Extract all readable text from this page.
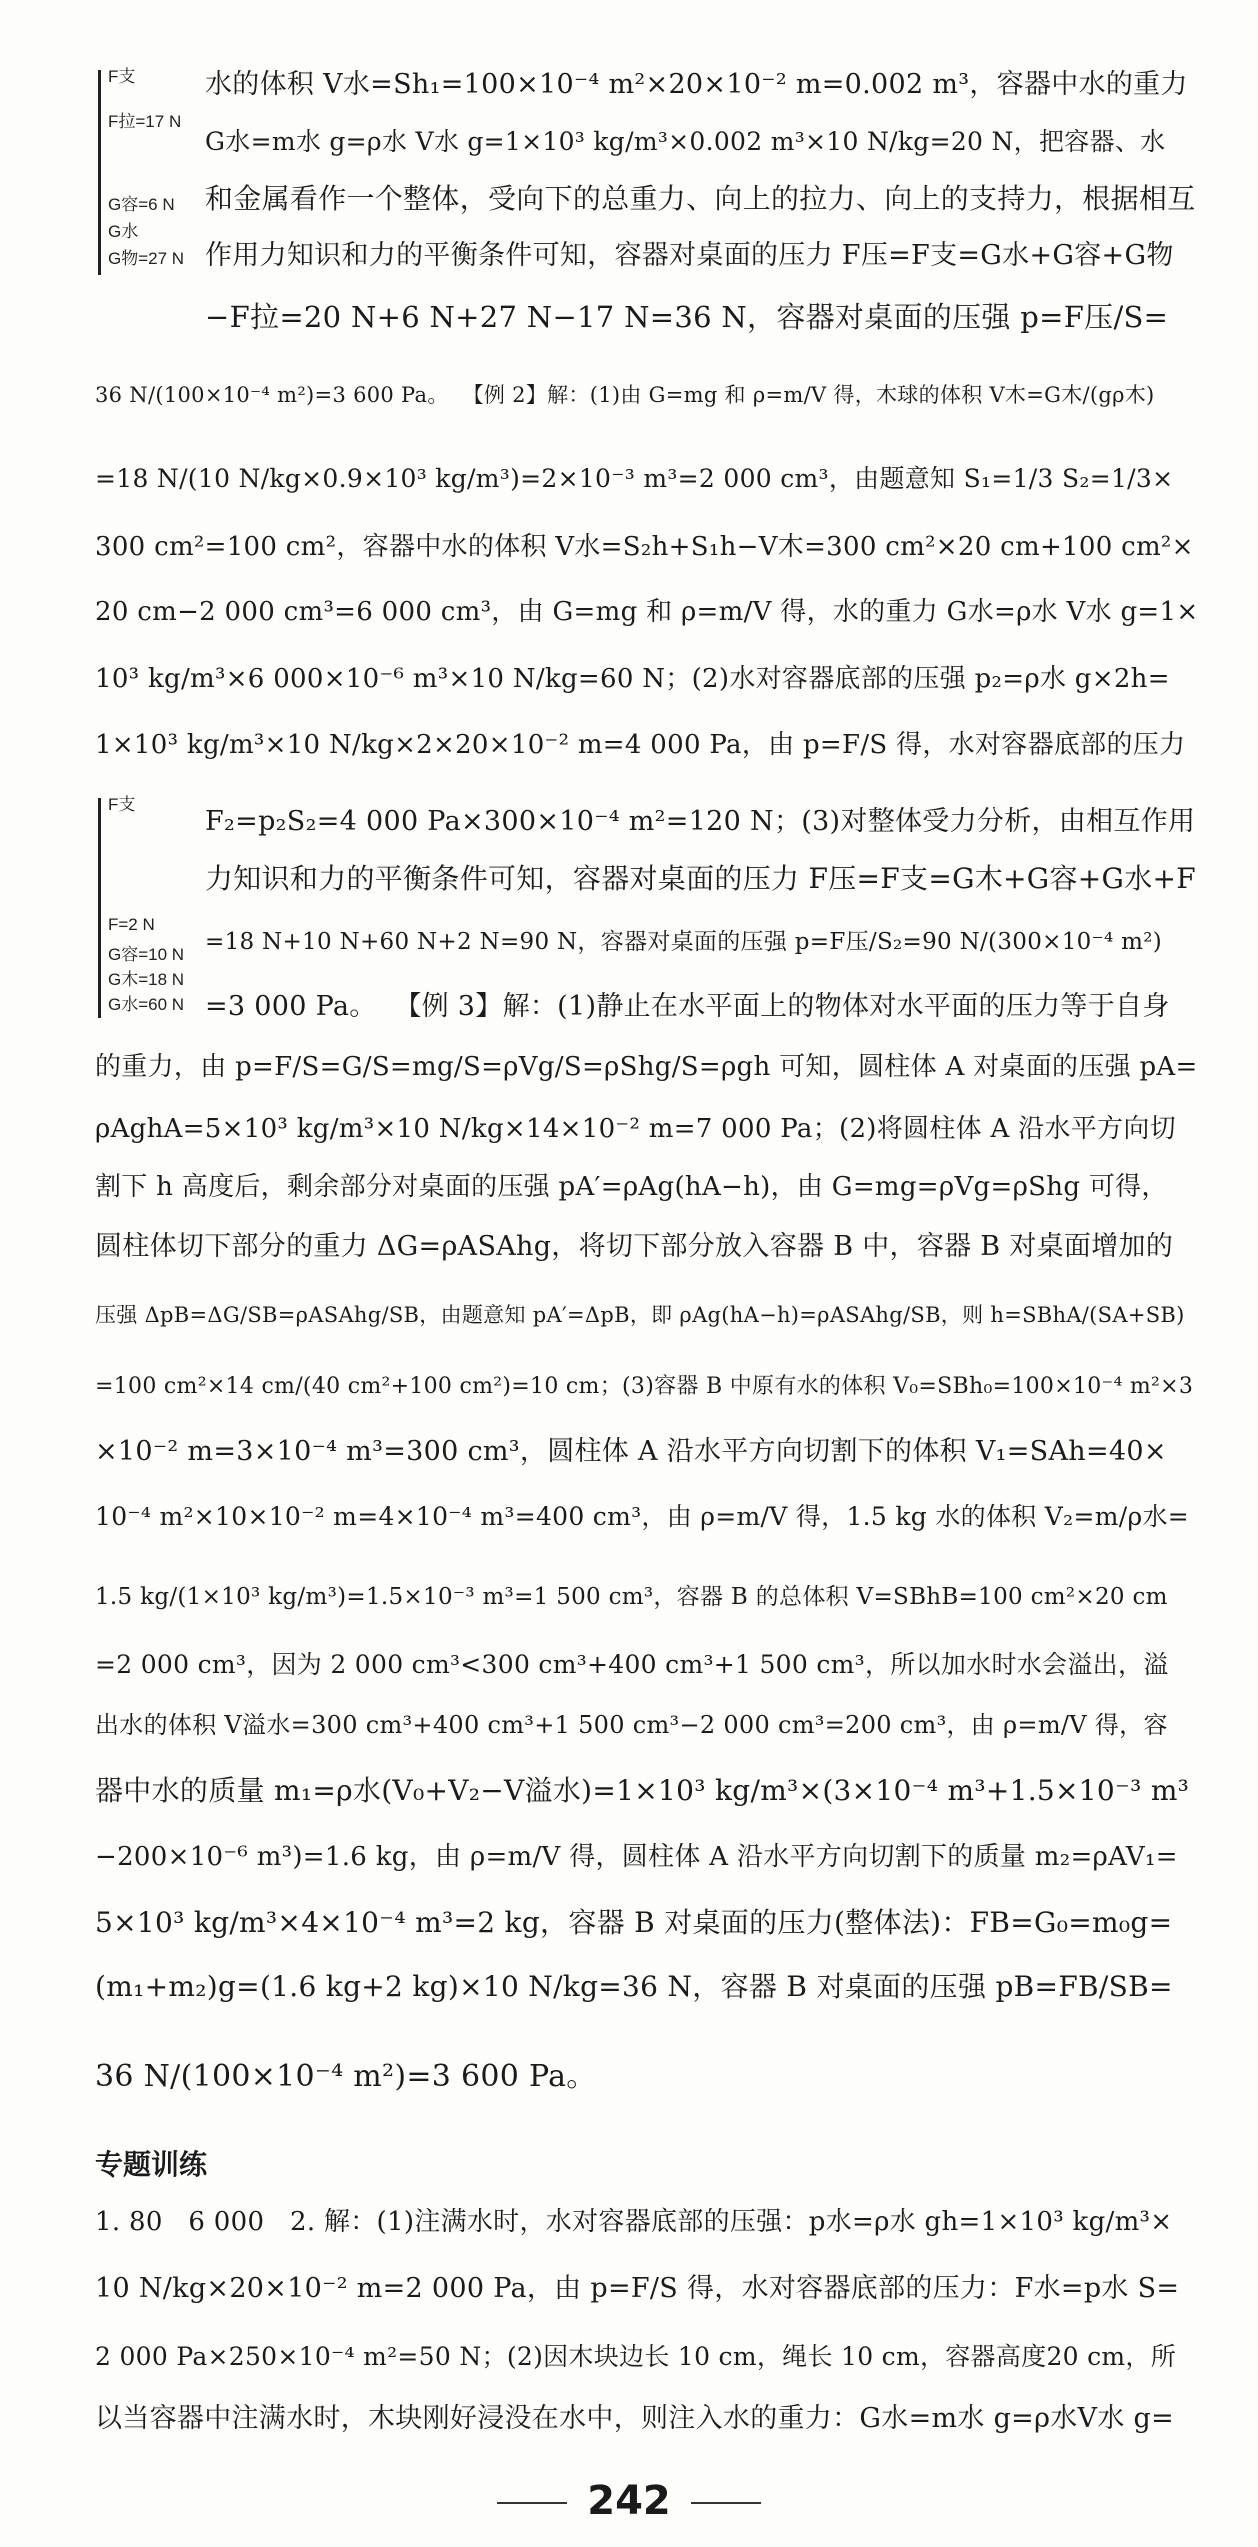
F支
F拉=17 N
G容=6 N
G水
G物=27 N
F支
F=2 N
G容=10 N
G木=18 N
G水=60 N
水的体积 V水=Sh₁=100×10⁻⁴ m²×20×10⁻² m=0.002 m³，容器中水的重力
G水=m水 g=ρ水 V水 g=1×10³ kg/m³×0.002 m³×10 N/kg=20 N，把容器、水
和金属看作一个整体，受向下的总重力、向上的拉力、向上的支持力，根据相互
作用力知识和力的平衡条件可知，容器对桌面的压力 F压=F支=G水+G容+G物
−F拉=20 N+6 N+27 N−17 N=36 N，容器对桌面的压强 p=F压/S=
36 N/(100×10⁻⁴ m²)=3 600 Pa。  【例 2】解：(1)由 G=mg 和 ρ=m/V 得，木球的体积 V木=G木/(gρ木)
=18 N/(10 N/kg×0.9×10³ kg/m³)=2×10⁻³ m³=2 000 cm³，由题意知 S₁=1/3 S₂=1/3×
300 cm²=100 cm²，容器中水的体积 V水=S₂h+S₁h−V木=300 cm²×20 cm+100 cm²×
20 cm−2 000 cm³=6 000 cm³，由 G=mg 和 ρ=m/V 得，水的重力 G水=ρ水 V水 g=1×
10³ kg/m³×6 000×10⁻⁶ m³×10 N/kg=60 N；(2)水对容器底部的压强 p₂=ρ水 g×2h=
1×10³ kg/m³×10 N/kg×2×20×10⁻² m=4 000 Pa，由 p=F/S 得，水对容器底部的压力
F₂=p₂S₂=4 000 Pa×300×10⁻⁴ m²=120 N；(3)对整体受力分析，由相互作用
力知识和力的平衡条件可知，容器对桌面的压力 F压=F支=G木+G容+G水+F
=18 N+10 N+60 N+2 N=90 N，容器对桌面的压强 p=F压/S₂=90 N/(300×10⁻⁴ m²)
=3 000 Pa。  【例 3】解：(1)静止在水平面上的物体对水平面的压力等于自身
的重力，由 p=F/S=G/S=mg/S=ρVg/S=ρShg/S=ρgh 可知，圆柱体 A 对桌面的压强 pA=
ρAghA=5×10³ kg/m³×10 N/kg×14×10⁻² m=7 000 Pa；(2)将圆柱体 A 沿水平方向切
割下 h 高度后，剩余部分对桌面的压强 pA′=ρAg(hA−h)，由 G=mg=ρVg=ρShg 可得，
圆柱体切下部分的重力 ΔG=ρASAhg，将切下部分放入容器 B 中，容器 B 对桌面增加的
压强 ΔpB=ΔG/SB=ρASAhg/SB，由题意知 pA′=ΔpB，即 ρAg(hA−h)=ρASAhg/SB，则 h=SBhA/(SA+SB)
=100 cm²×14 cm/(40 cm²+100 cm²)=10 cm；(3)容器 B 中原有水的体积 V₀=SBh₀=100×10⁻⁴ m²×3
×10⁻² m=3×10⁻⁴ m³=300 cm³，圆柱体 A 沿水平方向切割下的体积 V₁=SAh=40×
10⁻⁴ m²×10×10⁻² m=4×10⁻⁴ m³=400 cm³，由 ρ=m/V 得，1.5 kg 水的体积 V₂=m/ρ水=
1.5 kg/(1×10³ kg/m³)=1.5×10⁻³ m³=1 500 cm³，容器 B 的总体积 V=SBhB=100 cm²×20 cm
=2 000 cm³，因为 2 000 cm³<300 cm³+400 cm³+1 500 cm³，所以加水时水会溢出，溢
出水的体积 V溢水=300 cm³+400 cm³+1 500 cm³−2 000 cm³=200 cm³，由 ρ=m/V 得，容
器中水的质量 m₁=ρ水(V₀+V₂−V溢水)=1×10³ kg/m³×(3×10⁻⁴ m³+1.5×10⁻³ m³
−200×10⁻⁶ m³)=1.6 kg，由 ρ=m/V 得，圆柱体 A 沿水平方向切割下的质量 m₂=ρAV₁=
5×10³ kg/m³×4×10⁻⁴ m³=2 kg，容器 B 对桌面的压力(整体法)：FB=G₀=m₀g=
(m₁+m₂)g=(1.6 kg+2 kg)×10 N/kg=36 N，容器 B 对桌面的压强 pB=FB/SB=
36 N/(100×10⁻⁴ m²)=3 600 Pa。
专题训练
1. 80   6 000   2. 解：(1)注满水时，水对容器底部的压强：p水=ρ水 gh=1×10³ kg/m³×
10 N/kg×20×10⁻² m=2 000 Pa，由 p=F/S 得，水对容器底部的压力：F水=p水 S=
2 000 Pa×250×10⁻⁴ m²=50 N；(2)因木块边长 10 cm，绳长 10 cm，容器高度20 cm，所
以当容器中注满水时，木块刚好浸没在水中，则注入水的重力：G水=m水 g=ρ水V水 g=
242
